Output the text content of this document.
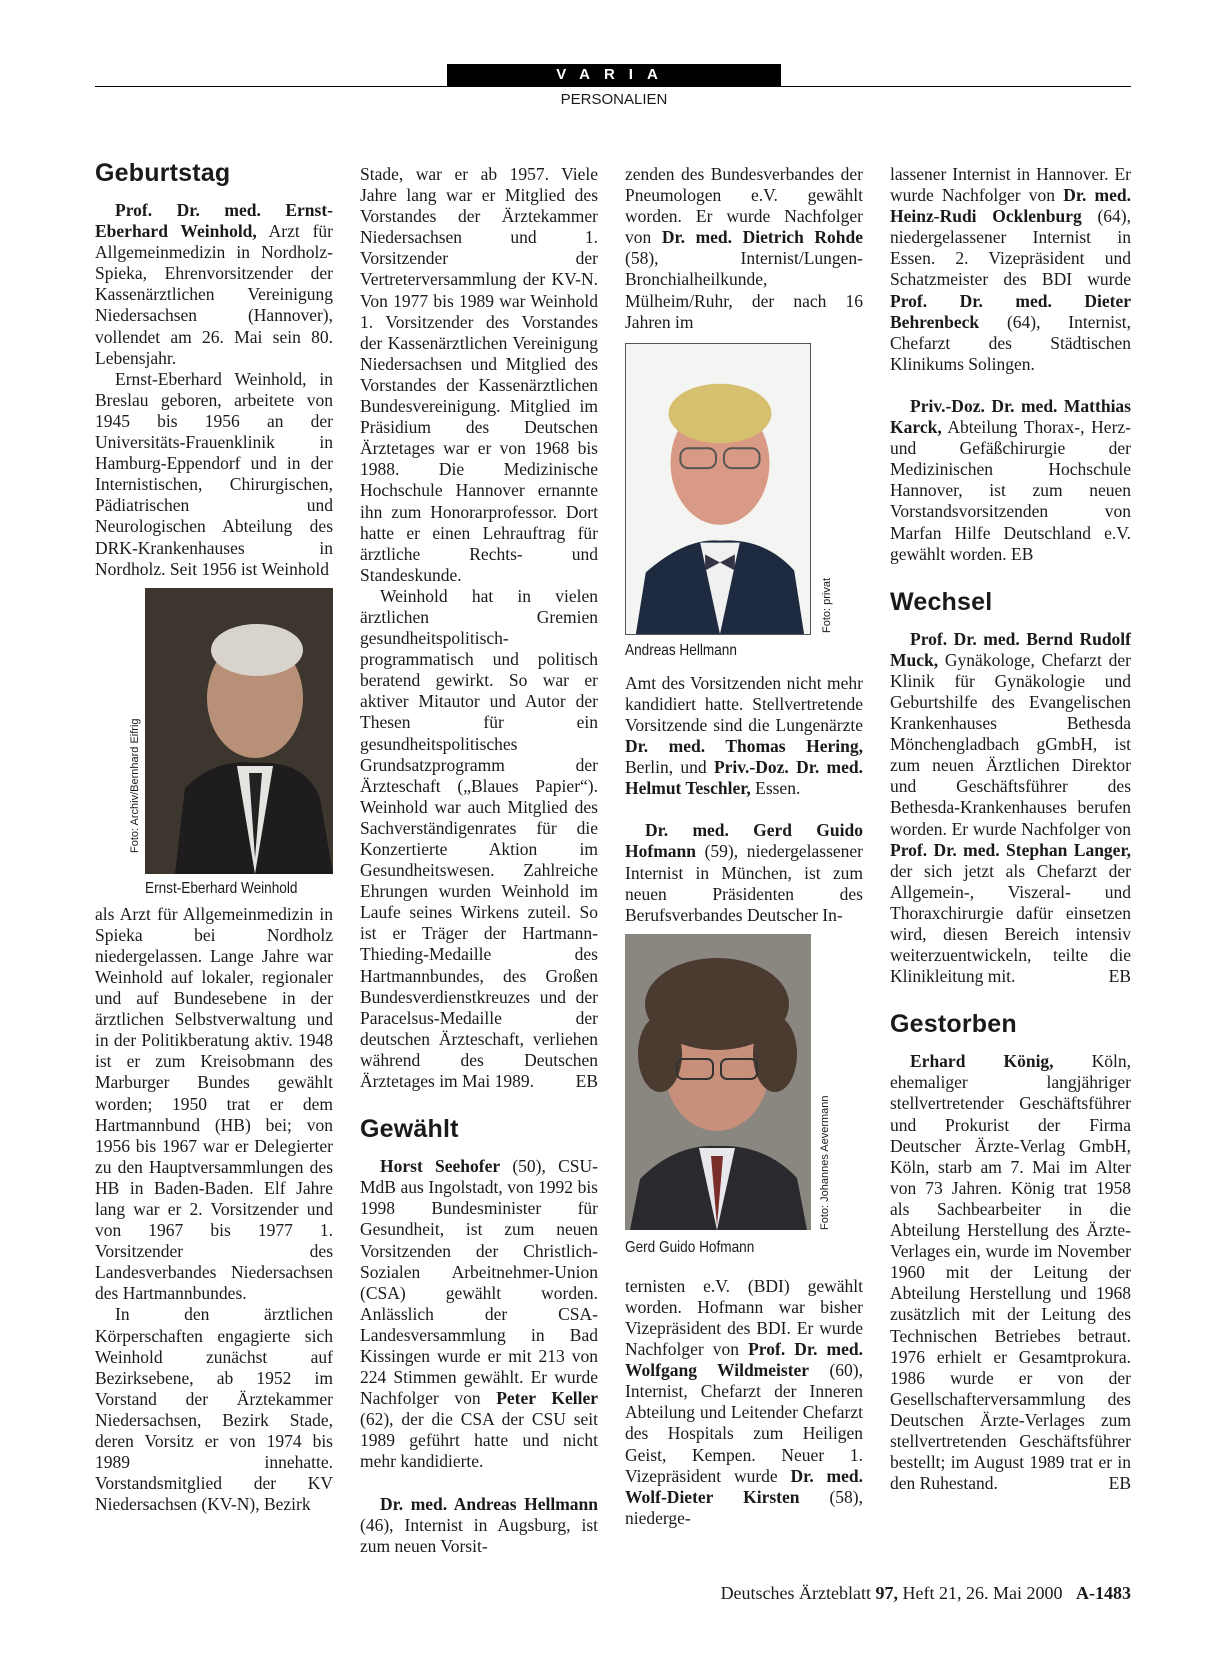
VARIA
PERSONALIEN
Geburtstag

Prof. Dr. med. Ernst-Eberhard Weinhold, Arzt für Allgemeinmedizin in Nordholz-Spieka, Ehrenvorsitzender der Kassenärztlichen Vereinigung Niedersachsen (Hannover), vollendet am 26. Mai sein 80. Lebensjahr.

Ernst-Eberhard Weinhold, in Breslau geboren, arbeitete von 1945 bis 1956 an der Universitäts-Frauenklinik in Hamburg-Eppendorf und in der Internistischen, Chirurgischen, Pädiatrischen und Neurologischen Abteilung des DRK-Krankenhauses in Nordholz. Seit 1956 ist Weinhold

Foto: Archiv/Bernhard Eifrig
Ernst-Eberhard Weinhold

als Arzt für Allgemeinmedizin in Spieka bei Nordholz niedergelassen. Lange Jahre war Weinhold auf lokaler, regionaler und auf Bundesebene in der ärztlichen Selbstverwaltung und in der Politikberatung aktiv. 1948 ist er zum Kreisobmann des Marburger Bundes gewählt worden; 1950 trat er dem Hartmannbund (HB) bei; von 1956 bis 1967 war er Delegierter zu den Hauptversammlungen des HB in Baden-Baden. Elf Jahre lang war er 2. Vorsitzender und von 1967 bis 1977 1. Vorsitzender des Landesverbandes Niedersachsen des Hartmannbundes.

In den ärztlichen Körperschaften engagierte sich Weinhold zunächst auf Bezirksebene, ab 1952 im Vorstand der Ärztekammer Niedersachsen, Bezirk Stade, deren Vorsitz er von 1974 bis 1989 innehatte. Vorstandsmitglied der KV Niedersachsen (KV-N), Bezirk

Stade, war er ab 1957. Viele Jahre lang war er Mitglied des Vorstandes der Ärztekammer Niedersachsen und 1. Vorsitzender der Vertreterversammlung der KV-N. Von 1977 bis 1989 war Weinhold 1. Vorsitzender des Vorstandes der Kassenärztlichen Vereinigung Niedersachsen und Mitglied des Vorstandes der Kassenärztlichen Bundesvereinigung. Mitglied im Präsidium des Deutschen Ärztetages war er von 1968 bis 1988. Die Medizinische Hochschule Hannover ernannte ihn zum Honorarprofessor. Dort hatte er einen Lehrauftrag für ärztliche Rechts- und Standeskunde.

Weinhold hat in vielen ärztlichen Gremien gesundheitspolitisch-programmatisch und politisch beratend gewirkt. So war er aktiver Mitautor und Autor der Thesen für ein gesundheitspolitisches Grundsatzprogramm der Ärzteschaft („Blaues Papier“). Weinhold war auch Mitglied des Sachverständigenrates für die Konzertierte Aktion im Gesundheitswesen. Zahlreiche Ehrungen wurden Weinhold im Laufe seines Wirkens zuteil. So ist er Träger der Hartmann-Thieding-Medaille des Hartmannbundes, des Großen Bundesverdienstkreuzes und der Paracelsus-Medaille der deutschen Ärzteschaft, verliehen während des Deutschen Ärztetages im Mai 1989.	EB

Gewählt

Horst Seehofer (50), CSU-MdB aus Ingolstadt, von 1992 bis 1998 Bundesminister für Gesundheit, ist zum neuen Vorsitzenden der Christlich-Sozialen Arbeitnehmer-Union (CSA) gewählt worden. Anlässlich der CSA-Landesversammlung in Bad Kissingen wurde er mit 213 von 224 Stimmen gewählt. Er wurde Nachfolger von Peter Keller (62), der die CSA der CSU seit 1989 geführt hatte und nicht mehr kandidierte.

Dr. med. Andreas Hellmann (46), Internist in Augsburg, ist zum neuen Vorsit-

zenden des Bundesverbandes der Pneumologen e.V. gewählt worden. Er wurde Nachfolger von Dr. med. Dietrich Rohde (58), Internist/Lungen-Bronchialheilkunde, Mülheim/Ruhr, der nach 16 Jahren im

Foto: privat
Andreas Hellmann

Amt des Vorsitzenden nicht mehr kandidiert hatte. Stellvertretende Vorsitzende sind die Lungenärzte Dr. med. Thomas Hering, Berlin, und Priv.-Doz. Dr. med. Helmut Teschler, Essen.

Dr. med. Gerd Guido Hofmann (59), niedergelassener Internist in München, ist zum neuen Präsidenten des Berufsverbandes Deutscher In-

Foto: Johannes Aevermann
Gerd Guido Hofmann

ternisten e.V. (BDI) gewählt worden. Hofmann war bisher Vizepräsident des BDI. Er wurde Nachfolger von Prof. Dr. med. Wolfgang Wildmeister (60), Internist, Chefarzt der Inneren Abteilung und Leitender Chefarzt des Hospitals zum Heiligen Geist, Kempen. Neuer 1. Vizepräsident wurde Dr. med. Wolf-Dieter Kirsten (58), niederge-

lassener Internist in Hannover. Er wurde Nachfolger von Dr. med. Heinz-Rudi Ocklenburg (64), niedergelassener Internist in Essen. 2. Vizepräsident und Schatzmeister des BDI wurde Prof. Dr. med. Dieter Behrenbeck (64), Internist, Chefarzt des Städtischen Klinikums Solingen.

Priv.-Doz. Dr. med. Matthias Karck, Abteilung Thorax-, Herz- und Gefäßchirurgie der Medizinischen Hochschule Hannover, ist zum neuen Vorstandsvorsitzenden von Marfan Hilfe Deutschland e.V. gewählt worden. EB

Wechsel

Prof. Dr. med. Bernd Rudolf Muck, Gynäkologe, Chefarzt der Klinik für Gynäkologie und Geburtshilfe des Evangelischen Krankenhauses Bethesda Mönchengladbach gGmbH, ist zum neuen Ärztlichen Direktor und Geschäftsführer des Bethesda-Krankenhauses berufen worden. Er wurde Nachfolger von Prof. Dr. med. Stephan Langer, der sich jetzt als Chefarzt der Allgemein-, Viszeral- und Thoraxchirurgie dafür einsetzen wird, diesen Bereich intensiv weiterzuentwickeln, teilte die Klinikleitung mit.	EB

Gestorben

Erhard König, Köln, ehemaliger langjähriger stellvertretender Geschäftsführer und Prokurist der Firma Deutscher Ärzte-Verlag GmbH, Köln, starb am 7. Mai im Alter von 73 Jahren. König trat 1958 als Sachbearbeiter in die Abteilung Herstellung des Ärzte-Verlages ein, wurde im November 1960 mit der Leitung der Abteilung Herstellung und 1968 zusätzlich mit der Leitung des Technischen Betriebes betraut. 1976 erhielt er Gesamtprokura. 1986 wurde er von der Gesellschafterversammlung des Deutschen Ärzte-Verlages zum stellvertretenden Geschäftsführer bestellt; im August 1989 trat er in den Ruhestand.	EB

Deutsches Ärzteblatt 97, Heft 21, 26. Mai 2000 A-1483
